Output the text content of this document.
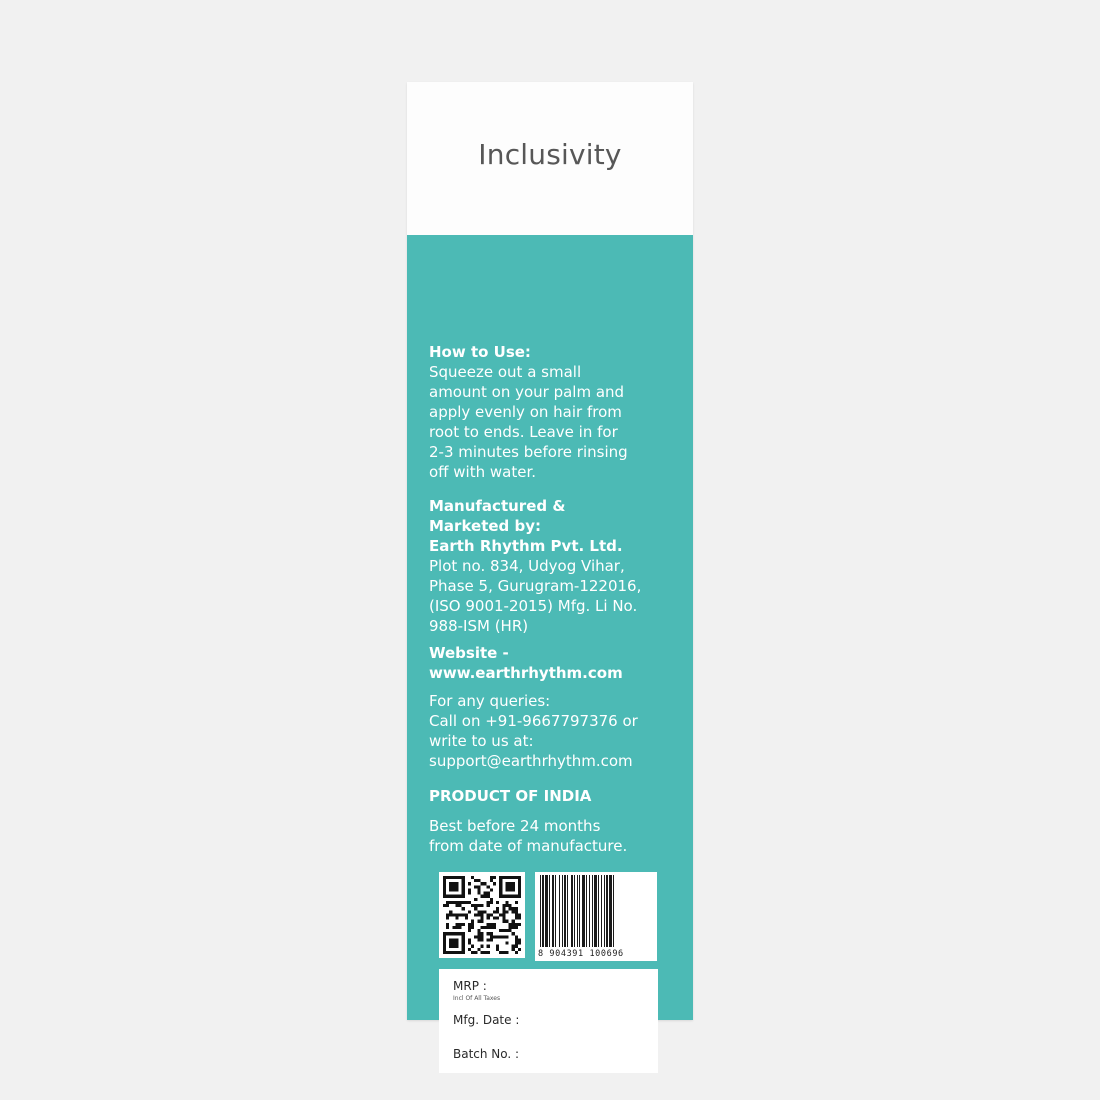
Inclusivity

How to Use:

Squeeze out a small

amount on your palm and

apply evenly on hair from

root to ends. Leave in for

2-3 minutes before rinsing

off with water.

Manufactured &

Marketed by:

Earth Rhythm Pvt. Ltd.

Plot no. 834, Udyog Vihar,

Phase 5, Gurugram-122016,

(ISO 9001-2015) Mfg. Li No.

988-ISM (HR)

Website -

www.earthrhythm.com

For any queries:

Call on +91-9667797376 or

write to us at:

support@earthrhythm.com

PRODUCT OF INDIA

Best before 24 months

from date of manufacture.

8 904391 100696
MRP :
Incl Of All Taxes
Mfg. Date :
Batch No. :
